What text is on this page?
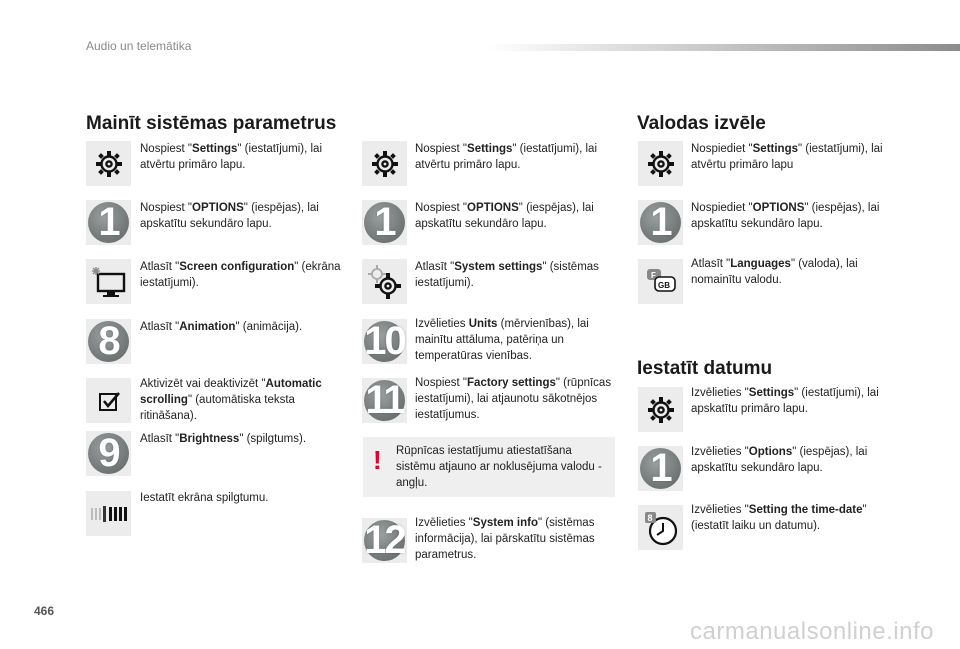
Audio un telemātika
Mainīt sistēmas parametrus	Valodas izvēle
Iestatīt datumu
Nospiest "Settings" (iestatījumi), lai atvērtu primāro lapu.
1 Nospiest "OPTIONS" (iespējas), lai apskatītu sekundāro lapu.
Atlasīt "Screen configuration" (ekrāna iestatījumi).
8 Atlasīt "Animation" (animācija).
Aktivizēt vai deaktivizēt "Automatic scrolling" (automātiska teksta ritināšana).
9 Atlasīt "Brightness" (spilgtums).
Iestatīt ekrāna spilgtumu.
Nospiest "Settings" (iestatījumi), lai atvērtu primāro lapu.
1 Nospiest "OPTIONS" (iespējas), lai apskatītu sekundāro lapu.
Atlasīt "System settings" (sistēmas iestatījumi).
10 Izvēlieties Units (mērvienības), lai mainītu attāluma, patēriņa un temperatūras vienības.
11 Nospiest "Factory settings" (rūpnīcas iestatījumi), lai atjaunotu sākotnējos iestatījumus.
! Rūpnīcas iestatījumu atiestatīšana sistēmu atjauno ar noklusējuma valodu - angļu.
12 Izvēlieties "System info" (sistēmas informācija), lai pārskatītu sistēmas parametrus.
Nospiediet "Settings" (iestatījumi), lai atvērtu primāro lapu
1 Nospiediet "OPTIONS" (iespējas), lai apskatītu sekundāro lapu.
F
GB
Atlasīt "Languages" (valoda), lai nomainītu valodu.
Izvēlieties "Settings" (iestatījumi), lai apskatītu primāro lapu.
1 Izvēlieties "Options" (iespējas), lai apskatītu sekundāro lapu.
8
Izvēlieties "Setting the time-date" (iestatīt laiku un datumu).
466
carmanualsonline.info
